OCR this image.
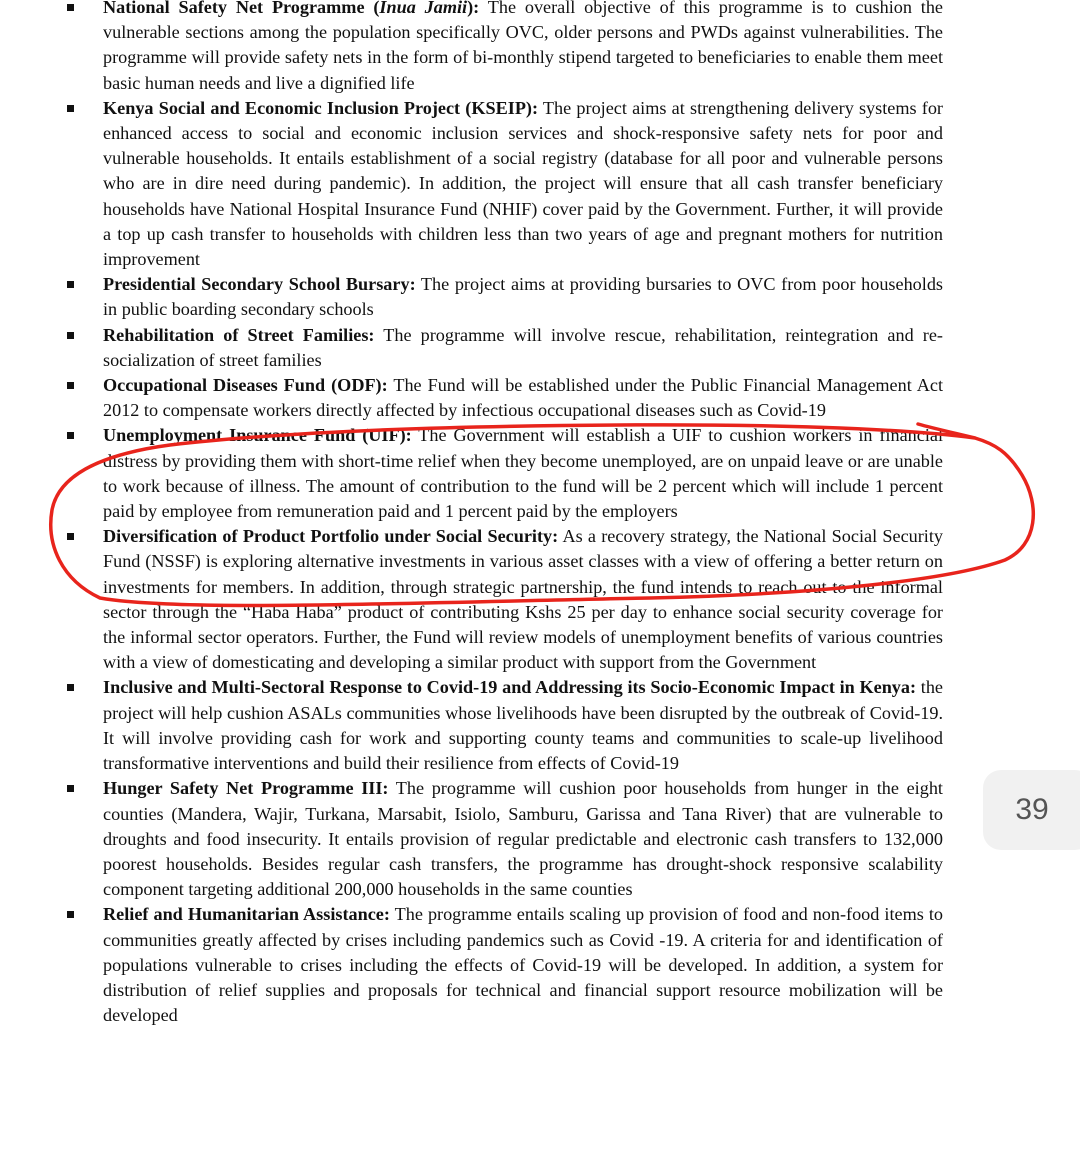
National Safety Net Programme (Inua Jamii): The overall objective of this programme is to cushion the vulnerable sections among the population specifically OVC, older persons and PWDs against vulnerabilities. The programme will provide safety nets in the form of bi-monthly stipend targeted to beneficiaries to enable them meet basic human needs and live a dignified life
Kenya Social and Economic Inclusion Project (KSEIP): The project aims at strengthening delivery systems for enhanced access to social and economic inclusion services and shock-responsive safety nets for poor and vulnerable households. It entails establishment of a social registry (database for all poor and vulnerable persons who are in dire need during pandemic). In addition, the project will ensure that all cash transfer beneficiary households have National Hospital Insurance Fund (NHIF) cover paid by the Government. Further, it will provide a top up cash transfer to households with children less than two years of age and pregnant mothers for nutrition improvement
Presidential Secondary School Bursary: The project aims at providing bursaries to OVC from poor households in public boarding secondary schools
Rehabilitation of Street Families: The programme will involve rescue, rehabilitation, reintegration and re-socialization of street families
Occupational Diseases Fund (ODF): The Fund will be established under the Public Financial Management Act 2012 to compensate workers directly affected by infectious occupational diseases such as Covid-19
Unemployment Insurance Fund (UIF): The Government will establish a UIF to cushion workers in financial distress by providing them with short-time relief when they become unemployed, are on unpaid leave or are unable to work because of illness. The amount of contribution to the fund will be 2 percent which will include 1 percent paid by employee from remuneration paid and 1 percent paid by the employers
Diversification of Product Portfolio under Social Security: As a recovery strategy, the National Social Security Fund (NSSF) is exploring alternative investments in various asset classes with a view of offering a better return on investments for members. In addition, through strategic partnership, the fund intends to reach out to the informal sector through the “Haba Haba” product of contributing Kshs 25 per day to enhance social security coverage for the informal sector operators. Further, the Fund will review models of unemployment benefits of various countries with a view of domesticating and developing a similar product with support from the Government
Inclusive and Multi-Sectoral Response to Covid-19 and Addressing its Socio-Economic Impact in Kenya: the project will help cushion ASALs communities whose livelihoods have been disrupted by the outbreak of Covid-19. It will involve providing cash for work and supporting county teams and communities to scale-up livelihood transformative interventions and build their resilience from effects of Covid-19
Hunger Safety Net Programme III: The programme will cushion poor households from hunger in the eight counties (Mandera, Wajir, Turkana, Marsabit, Isiolo, Samburu, Garissa and Tana River) that are vulnerable to droughts and food insecurity. It entails provision of regular predictable and electronic cash transfers to 132,000 poorest households. Besides regular cash transfers, the programme has drought-shock responsive scalability component targeting additional 200,000 households in the same counties
Relief and Humanitarian Assistance: The programme entails scaling up provision of food and non-food items to communities greatly affected by crises including pandemics such as Covid -19. A criteria for and identification of populations vulnerable to crises including the effects of Covid-19 will be developed. In addition, a system for distribution of relief supplies and proposals for technical and financial support resource mobilization will be developed
39
